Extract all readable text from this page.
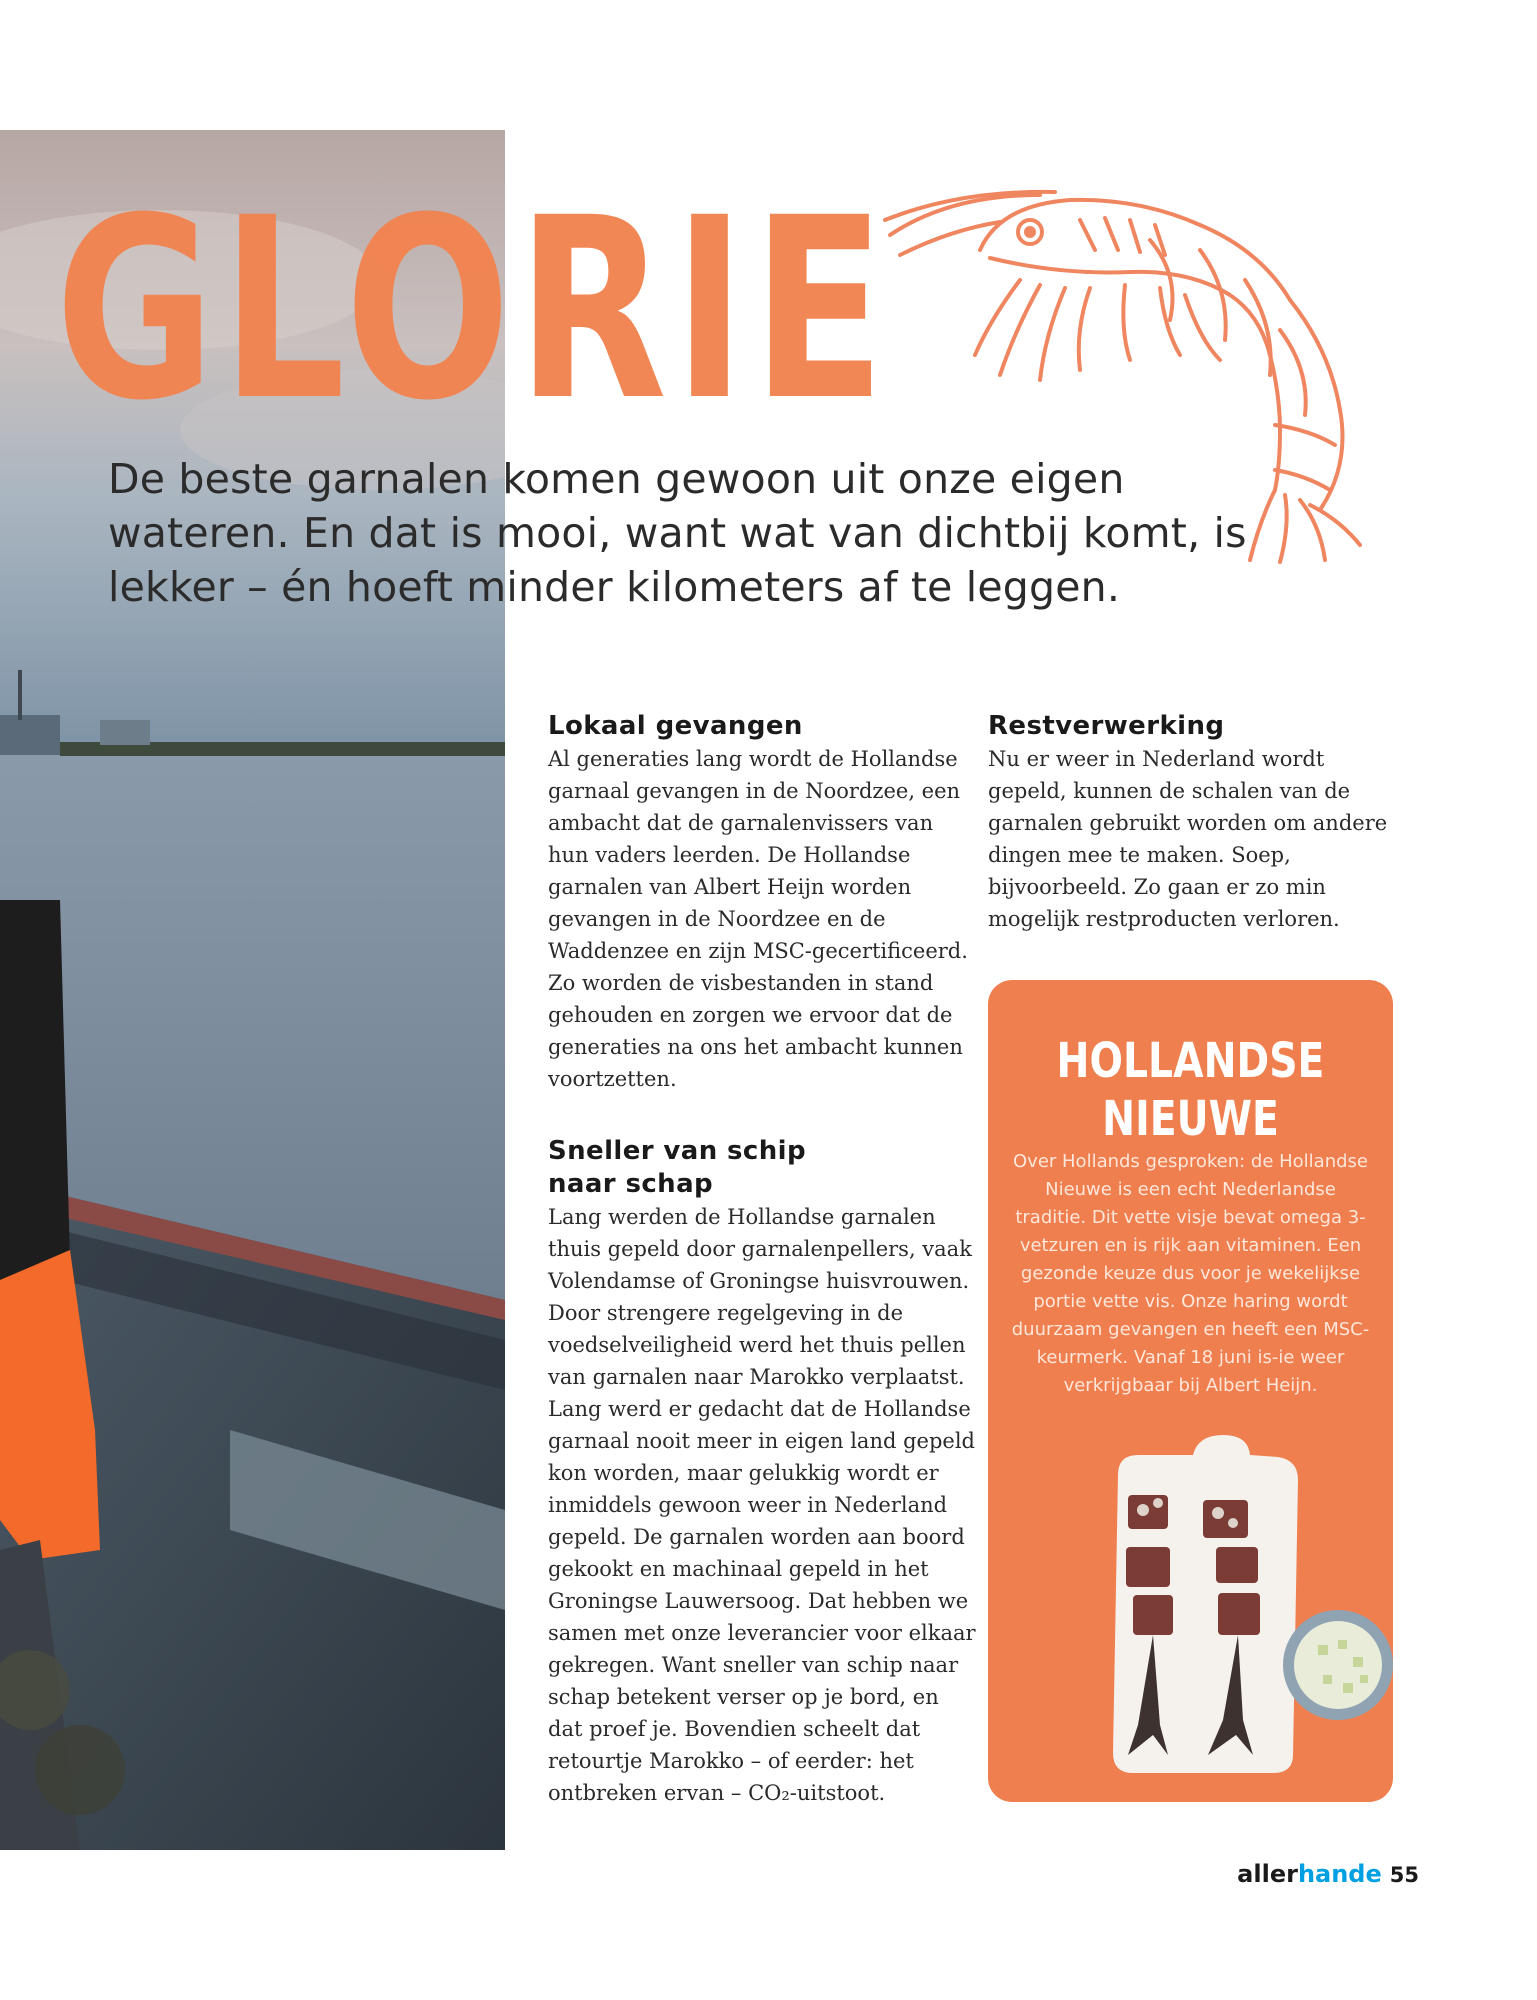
GLORIE

De beste garnalen komen gewoon uit onze eigen wateren. En dat is mooi, want wat van dichtbij komt, is lekker – én hoeft minder kilometers af te leggen.

Lokaal gevangen

Al generaties lang wordt de Hollandse garnaal gevangen in de Noordzee, een ambacht dat de garnalenvissers van hun vaders leerden. De Hollandse garnalen van Albert Heijn worden gevangen in de Noordzee en de Waddenzee en zijn MSC-gecertificeerd. Zo worden de visbestanden in stand gehouden en zorgen we ervoor dat de generaties na ons het ambacht kunnen voortzetten.

Sneller van schip naar schap

Lang werden de Hollandse garnalen thuis gepeld door garnalenpellers, vaak Volendamse of Groningse huisvrouwen. Door strengere regelgeving in de voedselveiligheid werd het thuis pellen van garnalen naar Marokko verplaatst. Lang werd er gedacht dat de Hollandse garnaal nooit meer in eigen land gepeld kon worden, maar gelukkig wordt er inmiddels gewoon weer in Nederland gepeld. De garnalen worden aan boord gekookt en machinaal gepeld in het Groningse Lauwersoog. Dat hebben we samen met onze leverancier voor elkaar gekregen. Want sneller van schip naar schap betekent verser op je bord, en dat proef je. Bovendien scheelt dat retourtje Marokko – of eerder: het ontbreken ervan – CO₂-uitstoot.

Restverwerking

Nu er weer in Nederland wordt gepeld, kunnen de schalen van de garnalen gebruikt worden om andere dingen mee te maken. Soep, bijvoorbeeld. Zo gaan er zo min mogelijk restproducten verloren.

HOLLANDSE
NIEUWE

Over Hollands gesproken: de Hollandse Nieuwe is een echt Nederlandse traditie. Dit vette visje bevat omega 3-vetzuren en is rijk aan vitaminen. Een gezonde keuze dus voor je wekelijkse portie vette vis. Onze haring wordt duurzaam gevangen en heeft een MSC-keurmerk. Vanaf 18 juni is-ie weer verkrijgbaar bij Albert Heijn.

allerhande 55
